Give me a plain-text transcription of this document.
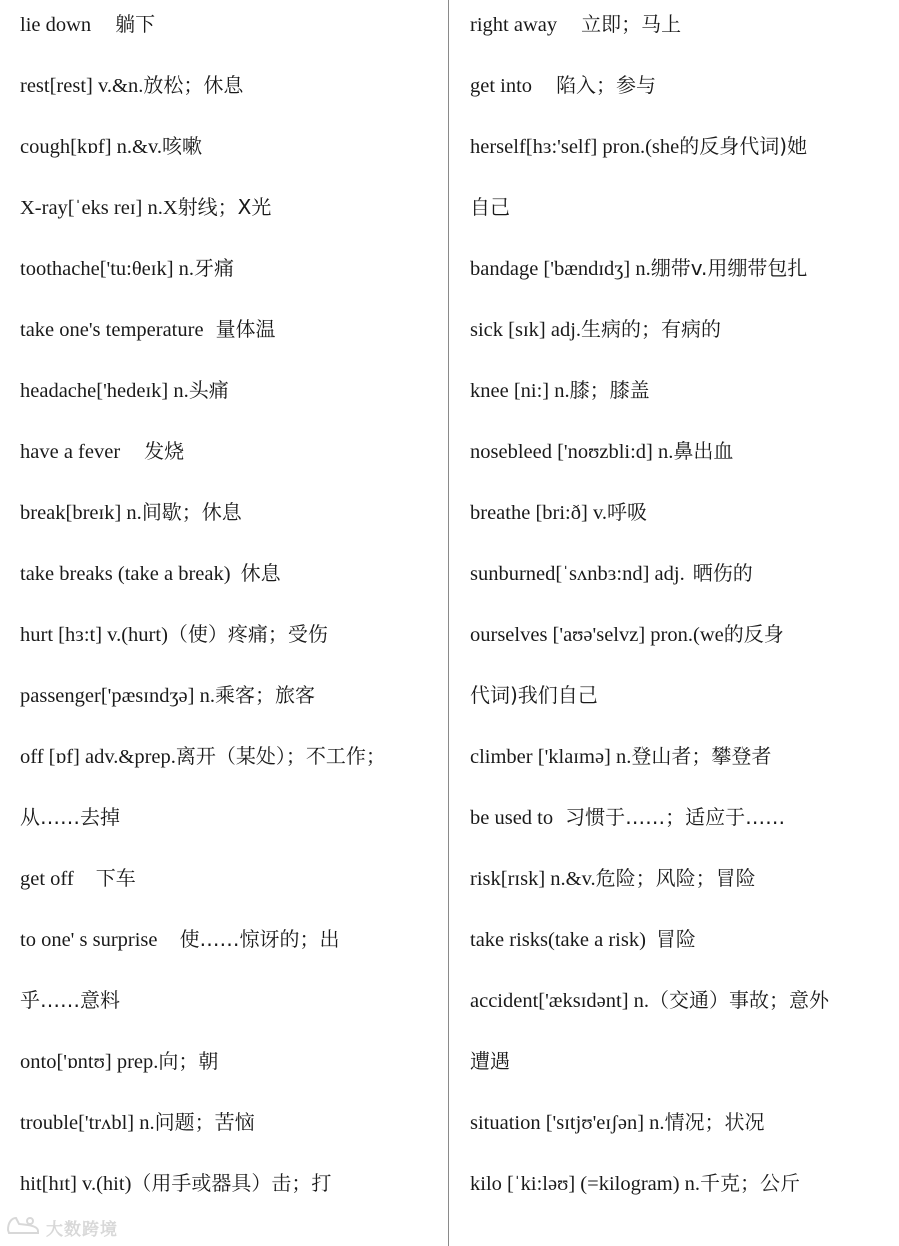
lie down 躺下
rest[rest] v.&n.放松；休息
cough[kɒf] n.&v.咳嗽
X-ray[ˈeks reɪ] n.X射线；X光
toothache['tu:θeɪk] n.牙痛
take one's temperature 量体温
headache['hedeɪk] n.头痛
have a fever 发烧
break[breɪk] n.间歇；休息
take breaks (take a break) 休息
hurt [hɜ:t] v.(hurt)（使）疼痛；受伤
passenger['pæsɪndʒə] n.乘客；旅客
off [ɒf] adv.&prep.离开（某处）；不工作；
从……去掉
get off 下车
to one' s surprise 使……惊讶的；出
乎……意料
onto['ɒntʊ] prep.向；朝
trouble['trʌbl] n.问题；苦恼
hit[hɪt] v.(hit)（用手或器具）击；打
right away 立即；马上
get into 陷入；参与
herself[hɜ:'self] pron.(she的反身代词)她
自己
bandage ['bændɪdʒ] n.绷带v.用绷带包扎
sick [sɪk] adj.生病的；有病的
knee [ni:] n.膝；膝盖
nosebleed ['noʊzbli:d] n.鼻出血
breathe [bri:ð] v.呼吸
sunburned[ˈsʌnbɜ:nd] adj. 晒伤的
ourselves ['aʊə'selvz] pron.(we的反身
代词)我们自己
climber ['klaɪmə] n.登山者；攀登者
be used to 习惯于……；适应于……
risk[rɪsk] n.&v.危险；风险；冒险
take risks(take a risk) 冒险
accident['æksɪdənt] n.（交通）事故；意外
遭遇
situation ['sɪtjʊ'eɪʃən] n.情况；状况
kilo [ˈki:ləʊ] (=kilogram) n.千克；公斤
大数跨境
